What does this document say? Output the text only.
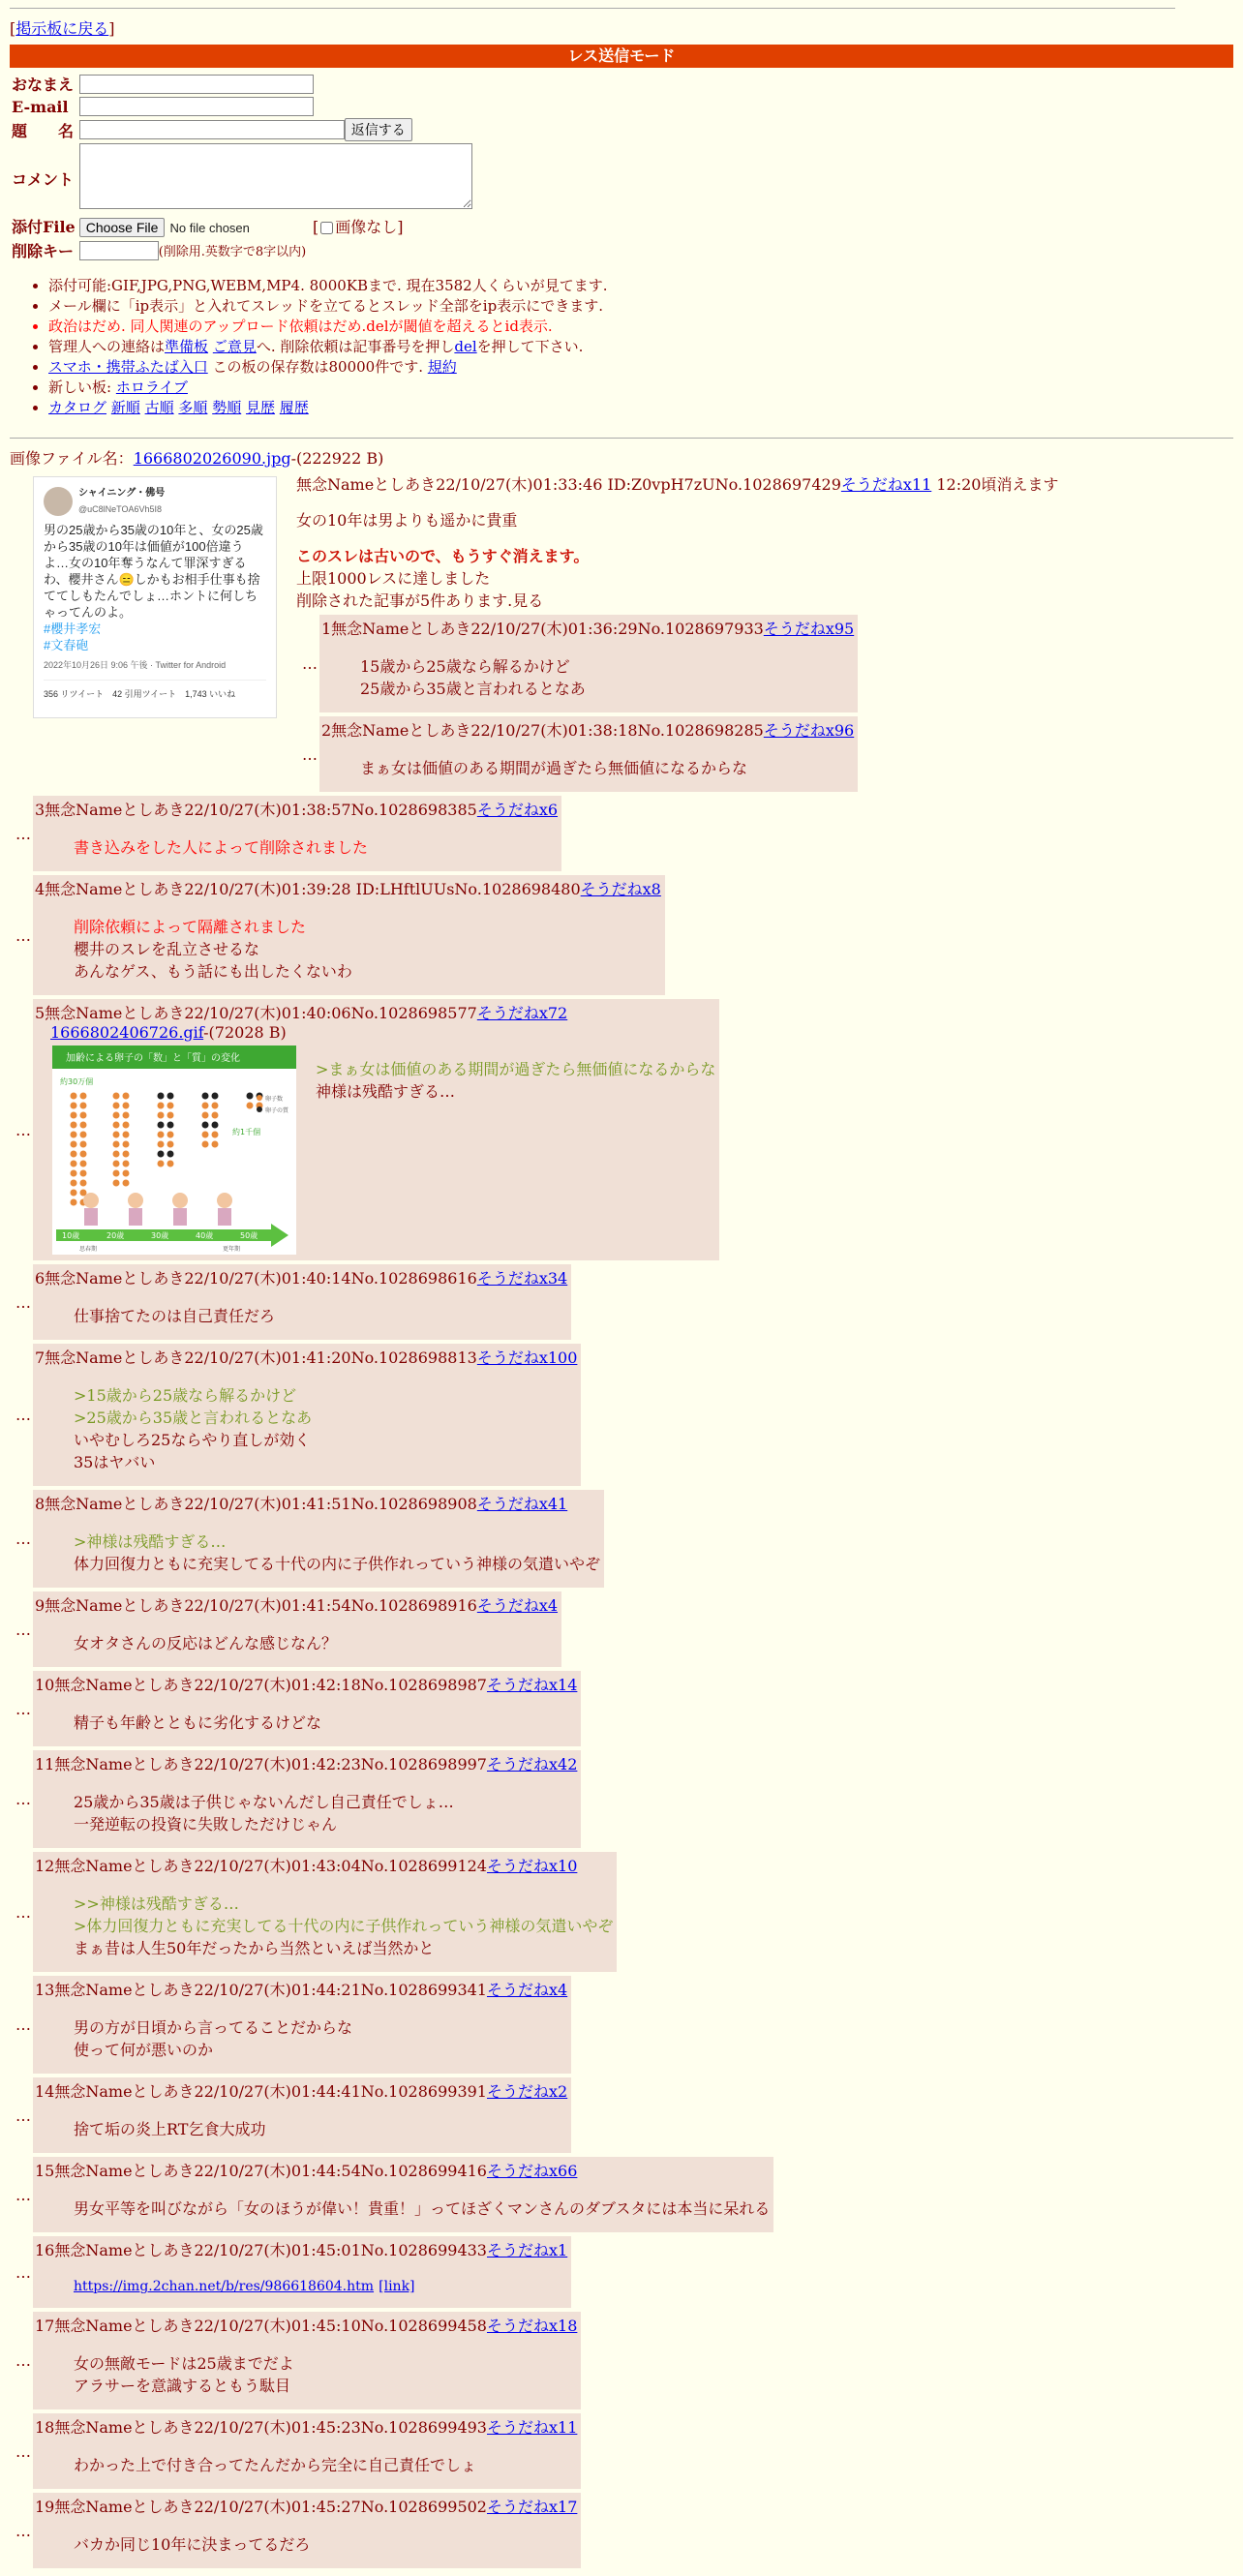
[掲示板に戻る]
レス送信モード
おなまえ	
E-mail	
題　　名	返信する
コメント	
添付File	Choose File No file chosen [ 画像なし]
削除キー	(削除用.英数字で8字以内)
• 添付可能:GIF,JPG,PNG,WEBM,MP4. 8000KBまで. 現在3582人くらいが見てます.
• メール欄に「ip表示」と入れてスレッドを立てるとスレッド全部をip表示にできます.
• 政治はだめ. 同人関連のアップロード依頼はだめ.delが閾値を超えるとid表示.
• 管理人への連絡は準備板 ご意見へ. 削除依頼は記事番号を押しdelを押して下さい.
• スマホ・携帯ふたば入口 この板の保存数は80000件です. 規約
• 新しい板: ホロライブ
• カタログ 新順 古順 多順 勢順 見歴 履歴
画像ファイル名：1666802026090.jpg-(222922 B)
シャイニング・佛号
@uC8lNeTOA6Vh5I8
男の25歳から35歳の10年と、女の25歳から35歳の10年は価値が100倍違うよ…女の10年奪うなんて罪深すぎるわ、櫻井さん😑しかもお相手仕事も捨ててしもたんでしょ…ホントに何しちゃってんのよ。
#櫻井孝宏
#文春砲
2022年10月26日 9:06 午後 · Twitter for Android
356 リツイート　42 引用ツイート　1,743 いいね
無念Nameとしあき22/10/27(木)01:33:46 ID:Z0vpH7zUNo.1028697429そうだねx11 12:20頃消えます
女の10年は男よりも遥かに貴重
このスレは古いので、もうすぐ消えます。
上限1000レスに達しました
削除された記事が5件あります.見る
…
1無念Nameとしあき22/10/27(木)01:36:29No.1028697933そうだねx95
15歳から25歳なら解るかけど
25歳から35歳と言われるとなあ
…
2無念Nameとしあき22/10/27(木)01:38:18No.1028698285そうだねx96
まぁ女は価値のある期間が過ぎたら無価値になるからな
…
3無念Nameとしあき22/10/27(木)01:38:57No.1028698385そうだねx6
書き込みをした人によって削除されました
…
4無念Nameとしあき22/10/27(木)01:39:28 ID:LHftlUUsNo.1028698480そうだねx8
削除依頼によって隔離されました
櫻井のスレを乱立させるな
あんなゲス、もう話にも出したくないわ
…
5無念Nameとしあき22/10/27(木)01:40:06No.1028698577そうだねx72
1666802406726.gif-(72028 B)
加齢による卵子の「数」と「質」の変化
約30万個
約1千個
卵子数
卵子の質
10歳	20歳	30歳	40歳	50歳
思春期	更年期
>まぁ女は価値のある期間が過ぎたら無価値になるからな
神様は残酷すぎる…
…
6無念Nameとしあき22/10/27(木)01:40:14No.1028698616そうだねx34
仕事捨てたのは自己責任だろ
…
7無念Nameとしあき22/10/27(木)01:41:20No.1028698813そうだねx100
>15歳から25歳なら解るかけど
>25歳から35歳と言われるとなあ
いやむしろ25ならやり直しが効く
35はヤバい
…
8無念Nameとしあき22/10/27(木)01:41:51No.1028698908そうだねx41
>神様は残酷すぎる…
体力回復力ともに充実してる十代の内に子供作れっていう神様の気遣いやぞ
…
9無念Nameとしあき22/10/27(木)01:41:54No.1028698916そうだねx4
女オタさんの反応はどんな感じなん？
…
10無念Nameとしあき22/10/27(木)01:42:18No.1028698987そうだねx14
精子も年齢とともに劣化するけどな
…
11無念Nameとしあき22/10/27(木)01:42:23No.1028698997そうだねx42
25歳から35歳は子供じゃないんだし自己責任でしょ…
一発逆転の投資に失敗しただけじゃん
…
12無念Nameとしあき22/10/27(木)01:43:04No.1028699124そうだねx10
>>神様は残酷すぎる…
>体力回復力ともに充実してる十代の内に子供作れっていう神様の気遣いやぞ
まぁ昔は人生50年だったから当然といえば当然かと
…
13無念Nameとしあき22/10/27(木)01:44:21No.1028699341そうだねx4
男の方が日頃から言ってることだからな
使って何が悪いのか
…
14無念Nameとしあき22/10/27(木)01:44:41No.1028699391そうだねx2
捨て垢の炎上RT乞食大成功
…
15無念Nameとしあき22/10/27(木)01:44:54No.1028699416そうだねx66
男女平等を叫びながら「女のほうが偉い！貴重！」ってほざくマンさんのダブスタには本当に呆れる
…
16無念Nameとしあき22/10/27(木)01:45:01No.1028699433そうだねx1
https://img.2chan.net/b/res/986618604.htm [link]
…
17無念Nameとしあき22/10/27(木)01:45:10No.1028699458そうだねx18
女の無敵モードは25歳までだよ
アラサーを意識するともう駄目
…
18無念Nameとしあき22/10/27(木)01:45:23No.1028699493そうだねx11
わかった上で付き合ってたんだから完全に自己責任でしょ
…
19無念Nameとしあき22/10/27(木)01:45:27No.1028699502そうだねx17
バカか同じ10年に決まってるだろ
